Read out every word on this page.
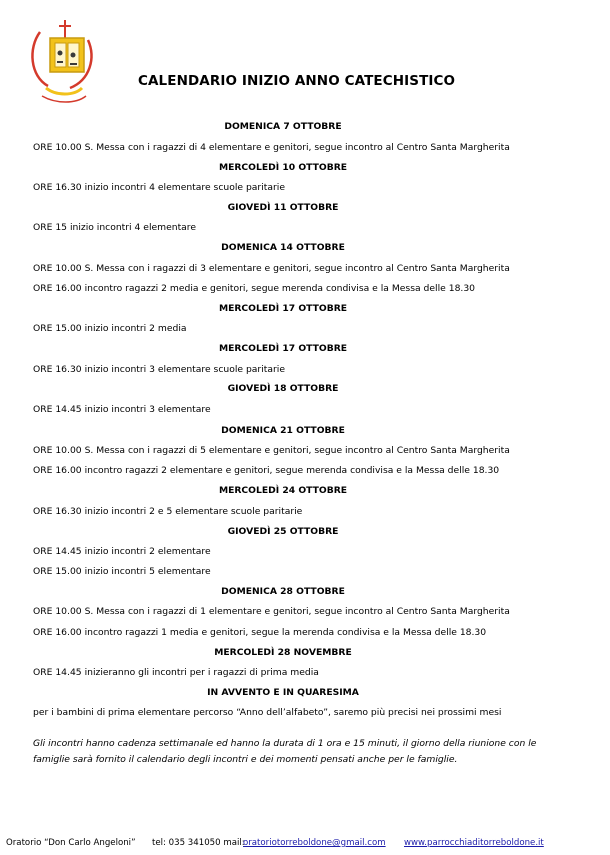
CALENDARIO INIZIO ANNO CATECHISTICO
DOMENICA 7 OTTOBRE
ORE 10.00 S. Messa con i ragazzi di 4 elementare e genitori, segue incontro al Centro Santa Margherita
MERCOLEDÌ 10 OTTOBRE
ORE 16.30 inizio incontri 4 elementare scuole paritarie
GIOVEDÌ 11 OTTOBRE
ORE 15 inizio incontri 4 elementare
DOMENICA 14 OTTOBRE
ORE 10.00 S. Messa con i ragazzi di 3 elementare e genitori, segue incontro al Centro Santa Margherita
ORE 16.00 incontro ragazzi 2 media e genitori, segue merenda condivisa e la Messa delle 18.30
MERCOLEDÌ 17 OTTOBRE
ORE 15.00 inizio incontri 2 media
MERCOLEDÌ 17 OTTOBRE
ORE 16.30 inizio incontri 3 elementare scuole paritarie
GIOVEDÌ 18 OTTOBRE
ORE 14.45 inizio incontri 3 elementare
DOMENICA 21 OTTOBRE
ORE 10.00 S. Messa con i ragazzi di 5 elementare e genitori, segue incontro al Centro Santa Margherita
ORE 16.00 incontro ragazzi 2 elementare e genitori, segue merenda condivisa e la Messa delle 18.30
MERCOLEDÌ 24 OTTOBRE
ORE 16.30 inizio incontri 2 e 5 elementare scuole paritarie
GIOVEDÌ 25 OTTOBRE
ORE 14.45 inizio incontri 2 elementare
ORE 15.00 inizio incontri 5 elementare
DOMENICA 28 OTTOBRE
ORE 10.00 S. Messa con i ragazzi di 1 elementare e genitori, segue incontro al Centro Santa Margherita
ORE 16.00 incontro ragazzi 1 media e genitori, segue la merenda condivisa e la Messa delle 18.30
MERCOLEDÌ 28 NOVEMBRE
ORE 14.45 inizieranno gli incontri per i ragazzi di prima media
IN AVVENTO E IN QUARESIMA
per i bambini di prima elementare percorso “Anno dell’alfabeto”, saremo più precisi nei prossimi mesi

Gli incontri hanno cadenza settimanale ed hanno la durata di 1 ora e 15 minuti, il giorno della riunione con le famiglie sarà fornito il calendario degli incontri e dei momenti pensati anche per le famiglie.

Oratorio “Don Carlo Angeloni” tel: 035 341050 mail:
oratoriotorreboldone@gmail.com www.parrocchiaditorreboldone.it
